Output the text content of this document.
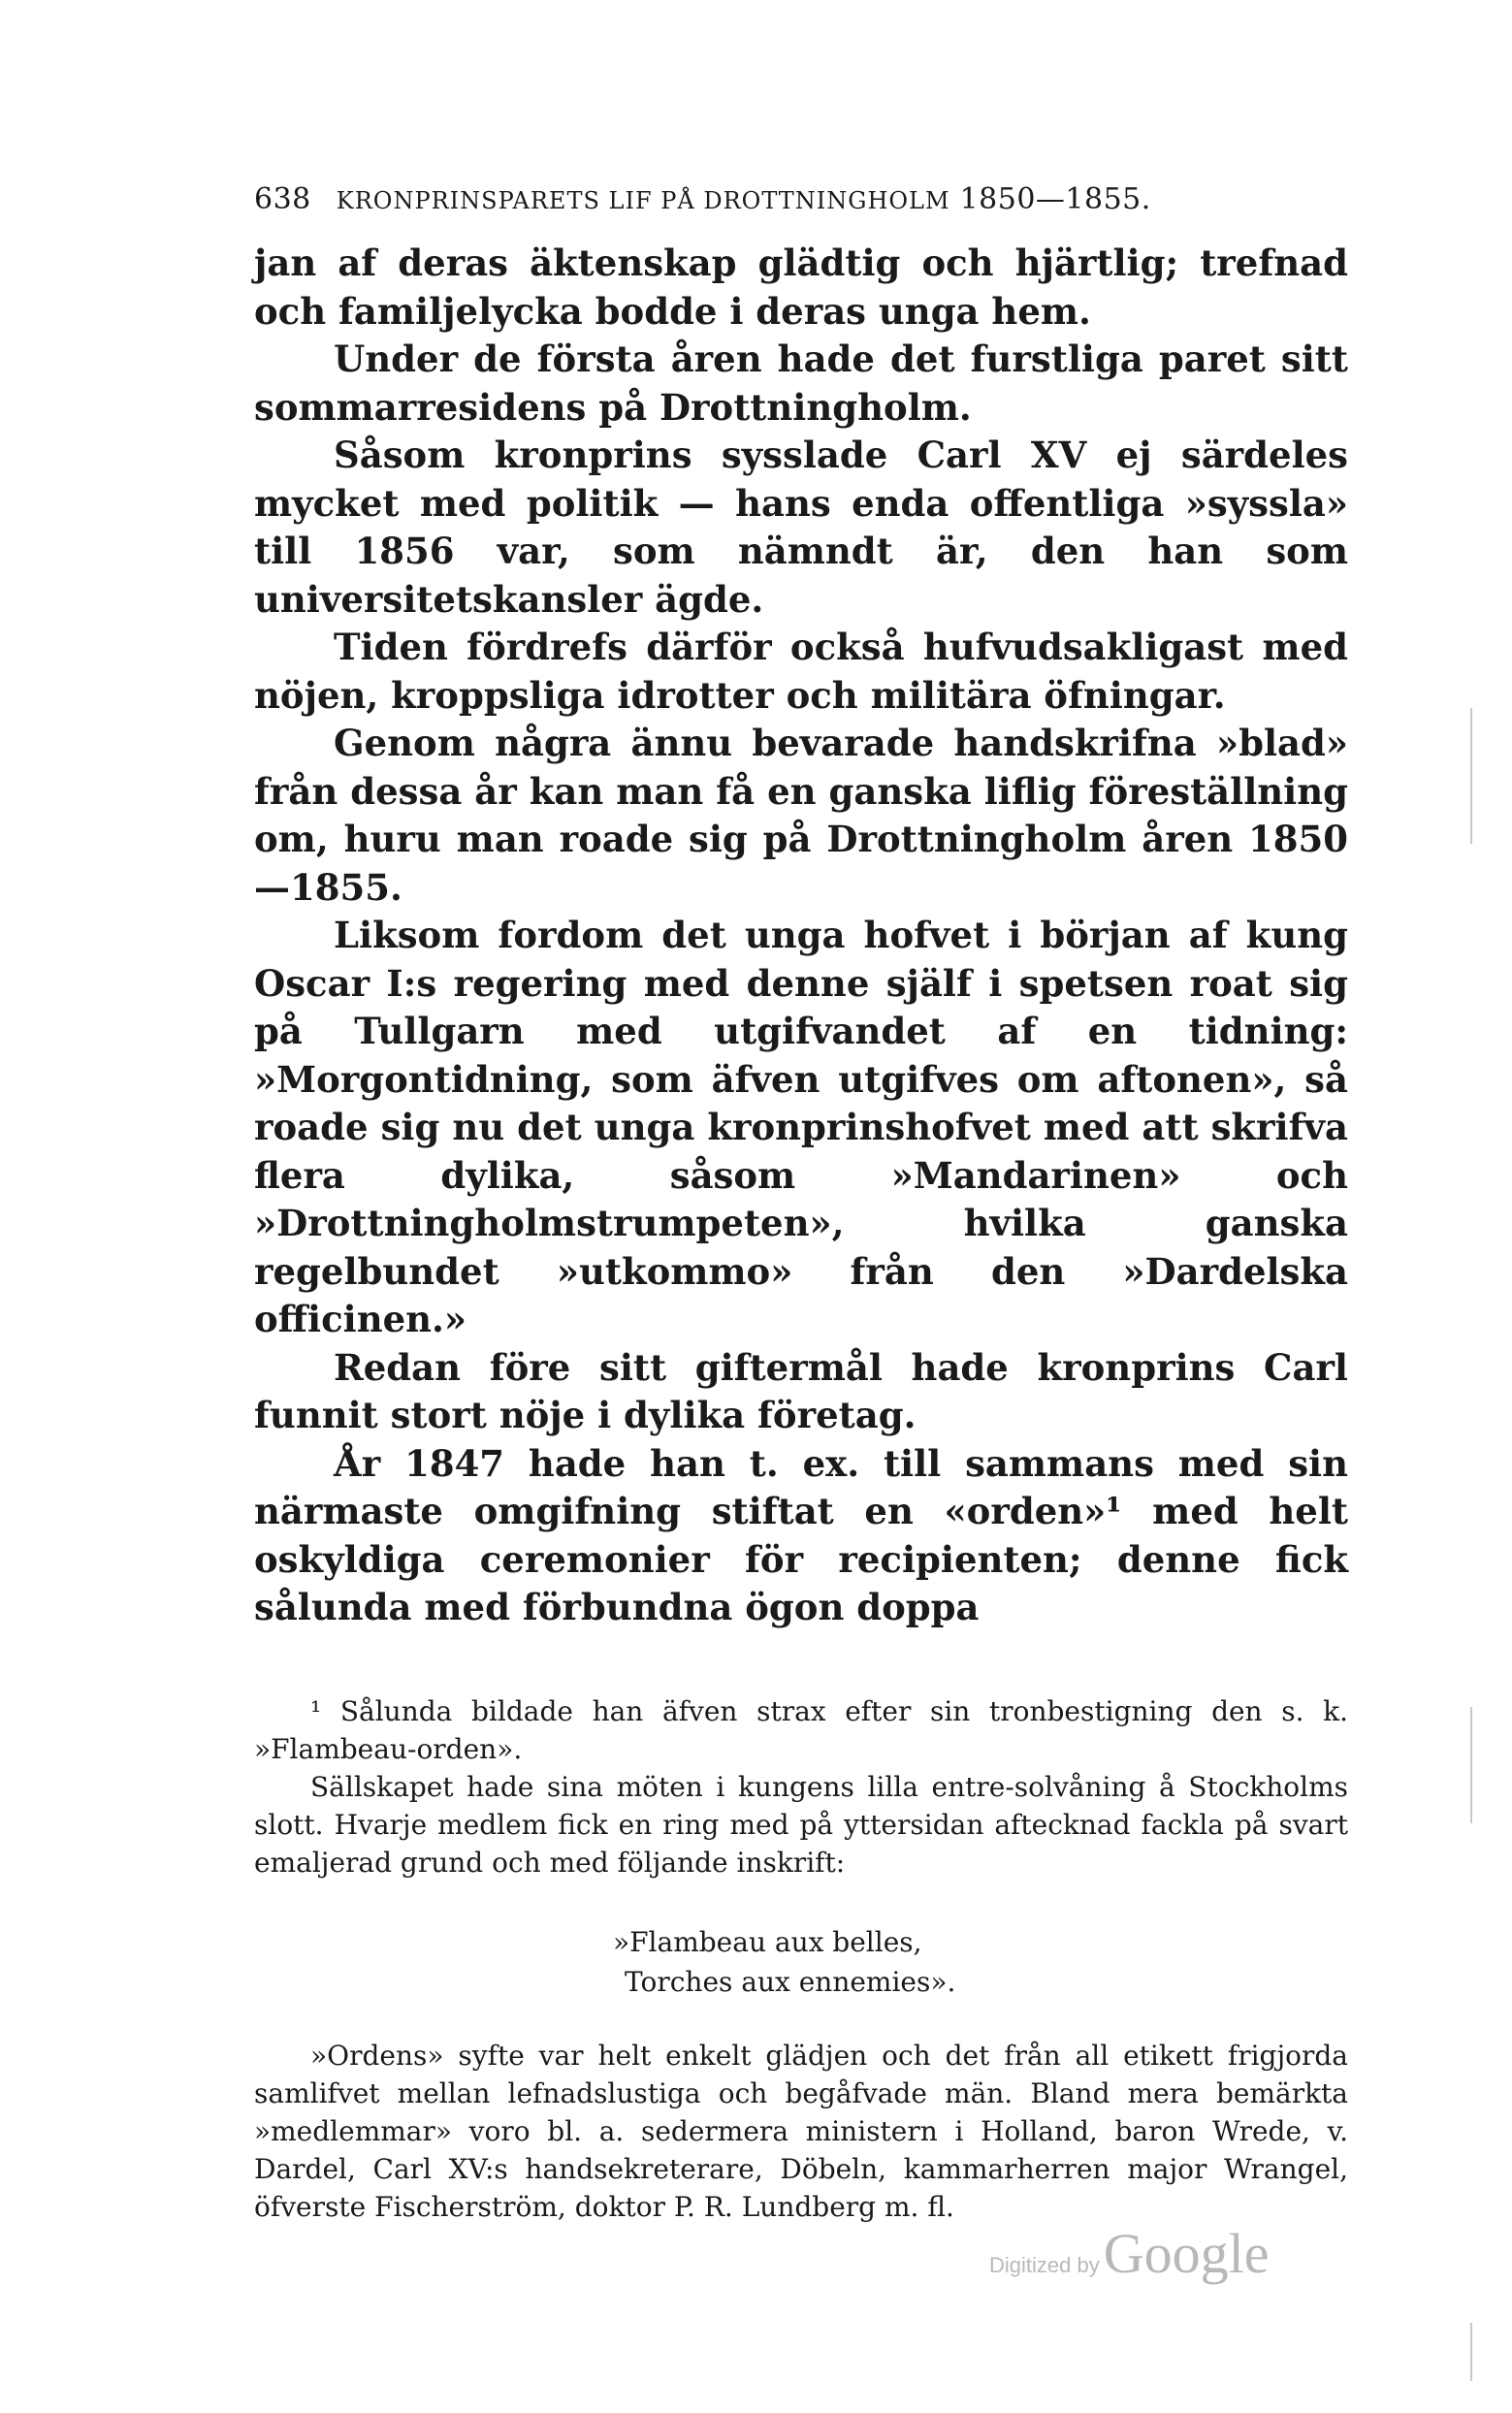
638 KRONPRINSPARETS LIF PÅ DROTTNINGHOLM 1850—1855.

jan af deras äktenskap glädtig och hjärtlig; trefnad och familjelycka bodde i deras unga hem.

Under de första åren hade det furstliga paret sitt sommarresidens på Drottningholm.

Såsom kronprins sysslade Carl XV ej särdeles mycket med politik — hans enda offentliga »syssla» till 1856 var, som nämndt är, den han som universitetskansler ägde.

Tiden fördrefs därför också hufvudsakligast med nöjen, kroppsliga idrotter och militära öfningar.

Genom några ännu bevarade handskrifna »blad» från dessa år kan man få en ganska liflig föreställning om, huru man roade sig på Drottningholm åren 1850—1855.

Liksom fordom det unga hofvet i början af kung Oscar I:s regering med denne själf i spetsen roat sig på Tullgarn med utgifvandet af en tidning: »Morgontidning, som äfven utgifves om aftonen», så roade sig nu det unga kronprinshofvet med att skrifva flera dylika, såsom »Mandarinen» och »Drottningholmstrumpeten», hvilka ganska regelbundet »utkommo» från den »Dardelska officinen.»

Redan före sitt giftermål hade kronprins Carl funnit stort nöje i dylika företag.

År 1847 hade han t. ex. till sammans med sin närmaste omgifning stiftat en «orden»¹ med helt oskyldiga ceremonier för recipienten; denne fick sålunda med förbundna ögon doppa

¹ Sålunda bildade han äfven strax efter sin tronbestigning den s. k. »Flambeau-orden».

Sällskapet hade sina möten i kungens lilla entre-solvåning å Stockholms slott. Hvarje medlem fick en ring med på yttersidan aftecknad fackla på svart emaljerad grund och med följande inskrift:

»Flambeau aux belles,
Torches aux ennemies».

»Ordens» syfte var helt enkelt glädjen och det från all etikett frigjorda samlifvet mellan lefnadslustiga och begåfvade män. Bland mera bemärkta »medlemmar» voro bl. a. sedermera ministern i Holland, baron Wrede, v. Dardel, Carl XV:s handsekreterare, Döbeln, kammarherren major Wrangel, öfverste Fischerström, doktor P. R. Lundberg m. fl.

Digitized by Google
